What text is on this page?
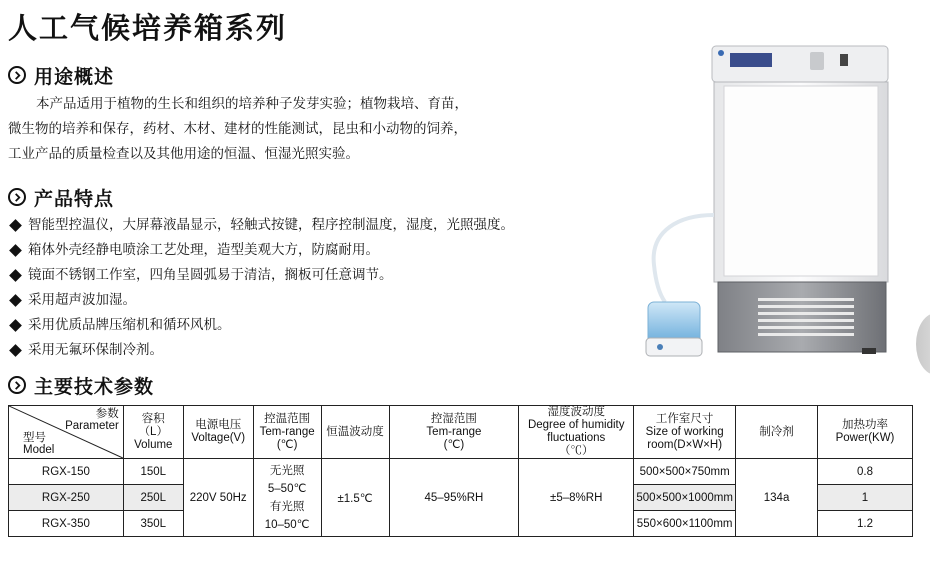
人工气候培养箱系列
用途概述

本产品适用于植物的生长和组织的培养种子发芽实验；植物栽培、育苗，

微生物的培养和保存，药材、木材、建材的性能测试，昆虫和小动物的饲养，

工业产品的质量检查以及其他用途的恒温、恒湿光照实验。

产品特点
智能型控温仪，大屏幕液晶显示，轻触式按键，程序控制温度，湿度，光照强度。
箱体外壳经静电喷涂工艺处理，造型美观大方，防腐耐用。
镜面不锈钢工作室，四角呈圆弧易于清洁，搁板可任意调节。
采用超声波加湿。
采用优质品牌压缩机和循环风机。
采用无氟环保制冷剂。
主要技术参数
参数
Parameter
型号
Model	容积
（L）
Volume	电源电压
Voltage(V)	控温范围
Tem-range
(℃)	恒温波动度	控湿范围
Tem-range
(℃)	湿度波动度
Degree of humidity
fluctuations
（℃）	工作室尺寸
Size of working
room(D×W×H)	制冷剂	加热功率
Power(KW)

RGX-150	150L	220V 50Hz	无光照
5–50℃
有光照
10–50℃	±1.5℃	45–95%RH	±5–8%RH	500×500×750mm	134a	0.8
RGX-250	250L						500×500×1000mm		1
RGX-350	350L						550×600×1100mm		1.2
